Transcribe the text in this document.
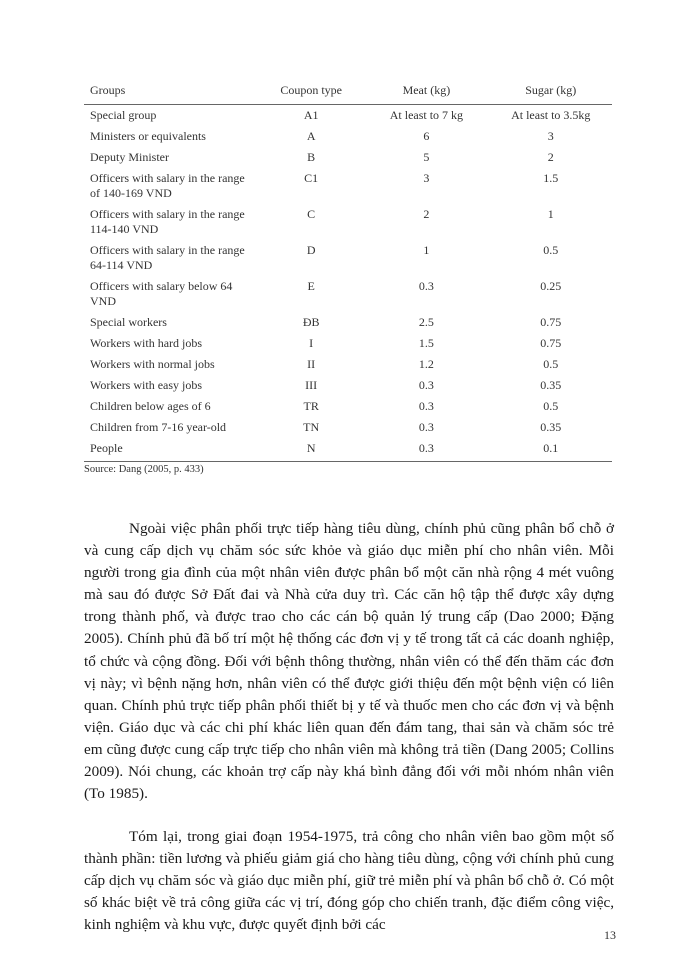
Groups	Coupon type	Meat (kg)	Sugar (kg)
Special group	A1	At least to 7 kg	At least to 3.5kg
Ministers or equivalents	A	6	3
Deputy Minister	B	5	2
Officers with salary in the range of 140-169 VND	C1	3	1.5
Officers with salary in the range 114-140 VND	C	2	1
Officers with salary in the range 64-114 VND	D	1	0.5
Officers with salary below 64 VND	E	0.3	0.25
Special workers	ĐB	2.5	0.75
Workers with hard jobs	I	1.5	0.75
Workers with normal jobs	II	1.2	0.5
Workers with easy jobs	III	0.3	0.35
Children below ages of 6	TR	0.3	0.5
Children from 7-16 year-old	TN	0.3	0.35
People	N	0.3	0.1
Source: Dang (2005, p. 433)

Ngoài việc phân phối trực tiếp hàng tiêu dùng, chính phủ cũng phân bổ chỗ ở và cung cấp dịch vụ chăm sóc sức khỏe và giáo dục miễn phí cho nhân viên. Mỗi người trong gia đình của một nhân viên được phân bổ một căn nhà rộng 4 mét vuông mà sau đó được Sở Đất đai và Nhà cửa duy trì. Các căn hộ tập thể được xây dựng trong thành phố, và được trao cho các cán bộ quản lý trung cấp (Dao 2000; Đặng 2005). Chính phủ đã bố trí một hệ thống các đơn vị y tế trong tất cả các doanh nghiệp, tổ chức và cộng đồng. Đối với bệnh thông thường, nhân viên có thể đến thăm các đơn vị này; vì bệnh nặng hơn, nhân viên có thể được giới thiệu đến một bệnh viện có liên quan. Chính phủ trực tiếp phân phối thiết bị y tế và thuốc men cho các đơn vị và bệnh viện. Giáo dục và các chi phí khác liên quan đến đám tang, thai sản và chăm sóc trẻ em cũng được cung cấp trực tiếp cho nhân viên mà không trả tiền (Dang 2005; Collins 2009). Nói chung, các khoản trợ cấp này khá bình đẳng đối với mỗi nhóm nhân viên (To 1985).

Tóm lại, trong giai đoạn 1954-1975, trả công cho nhân viên bao gồm một số thành phần: tiền lương và phiếu giảm giá cho hàng tiêu dùng, cộng với chính phủ cung cấp dịch vụ chăm sóc và giáo dục miễn phí, giữ trẻ miễn phí và phân bổ chỗ ở. Có một số khác biệt về trả công giữa các vị trí, đóng góp cho chiến tranh, đặc điểm công việc, kinh nghiệm và khu vực, được quyết định bởi các

13
